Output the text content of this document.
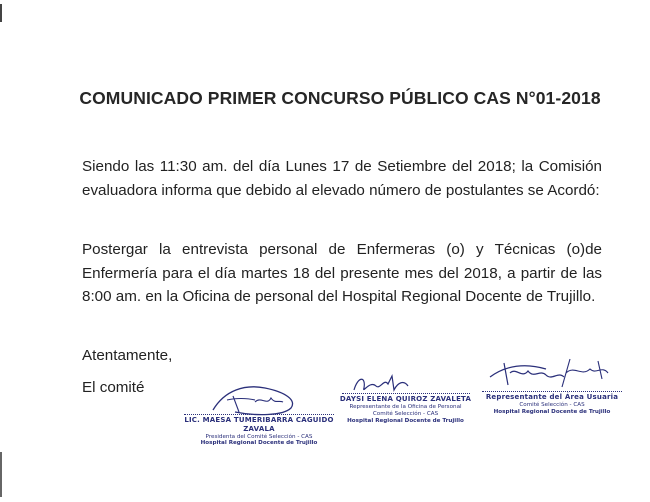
COMUNICADO PRIMER CONCURSO PÚBLICO CAS N°01-2018
Siendo las 11:30 am. del día Lunes 17 de Setiembre del 2018; la Comisión evaluadora informa que debido al elevado número de postulantes se Acordó:
Postergar la entrevista personal de Enfermeras (o) y Técnicas (o)de Enfermería para el día martes 18 del presente mes del 2018, a partir de las 8:00 am. en la Oficina de personal del Hospital Regional Docente de Trujillo.
Atentamente,
El comité
LIC. MAESA TUMERIBARRA CAGUIDO ZAVALA
Presidenta del Comité Selección - CAS
Hospital Regional Docente de Trujillo
DAYSI ELENA QUIROZ ZAVALETA
Representante de la Oficina de Personal
Comité Selección - CAS
Hospital Regional Docente de Trujillo
Representante del Área Usuaria
Comité Selección - CAS
Hospital Regional Docente de Trujillo
